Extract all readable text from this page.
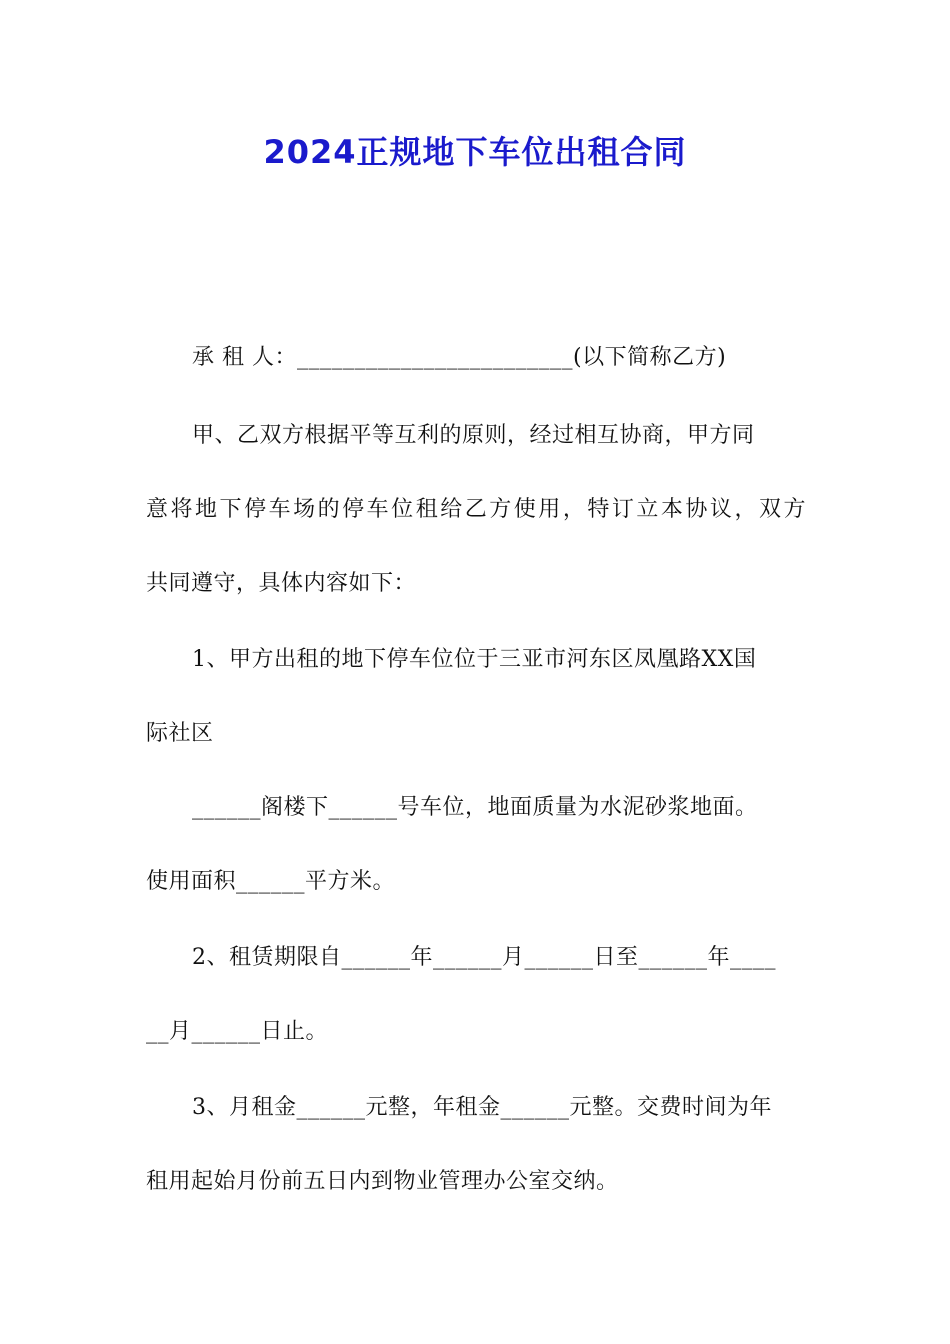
2024正规地下车位出租合同
承 租 人：________________________(以下简称乙方)
甲、乙双方根据平等互利的原则，经过相互协商，甲方同
意将地下停车场的停车位租给乙方使用，特订立本协议，双方
共同遵守，具体内容如下：
1、甲方出租的地下停车位位于三亚市河东区凤凰路XX国
际社区
______阁楼下______号车位，地面质量为水泥砂浆地面。
使用面积______平方米。
2、租赁期限自______年______月______日至______年____
__月______日止。
3、月租金______元整，年租金______元整。交费时间为年
租用起始月份前五日内到物业管理办公室交纳。
